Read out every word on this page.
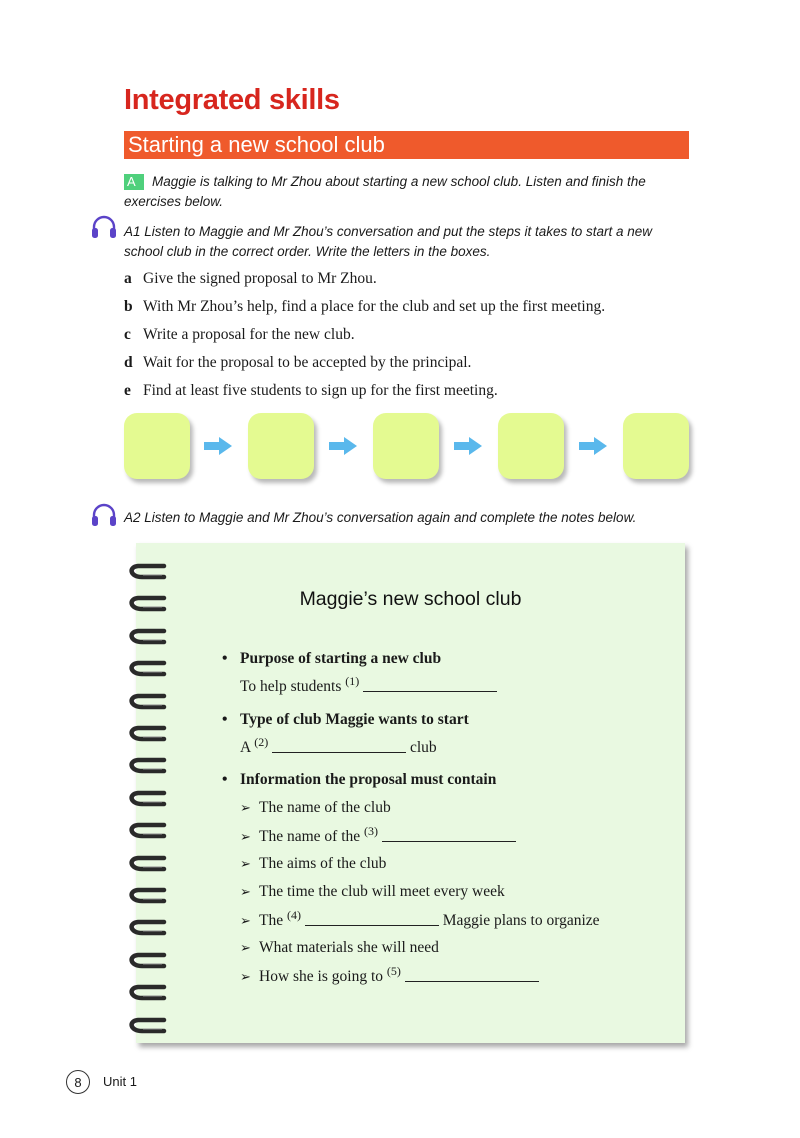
Integrated skills
Starting a new school club
A Maggie is talking to Mr Zhou about starting a new school club. Listen and finish the exercises below.
A1 Listen to Maggie and Mr Zhou’s conversation and put the steps it takes to start a new school club in the correct order. Write the letters in the boxes.
a Give the signed proposal to Mr Zhou.
b With Mr Zhou’s help, find a place for the club and set up the first meeting.
c Write a proposal for the new club.
d Wait for the proposal to be accepted by the principal.
e Find at least five students to sign up for the first meeting.
A2 Listen to Maggie and Mr Zhou’s conversation again and complete the notes below.
Maggie’s new school club
• Purpose of starting a new club
To help students $^{(1)}$
• Type of club Maggie wants to start
A $^{(2)}$	club
• Information the proposal must contain
➢ The name of the club
➢ The name of the $^{(3)}$
➢ The aims of the club
➢ The time the club will meet every week
➢ The $^{(4)}$	Maggie plans to organize
➢ What materials she will need
➢ How she is going to $^{(5)}$
8	Unit 1
